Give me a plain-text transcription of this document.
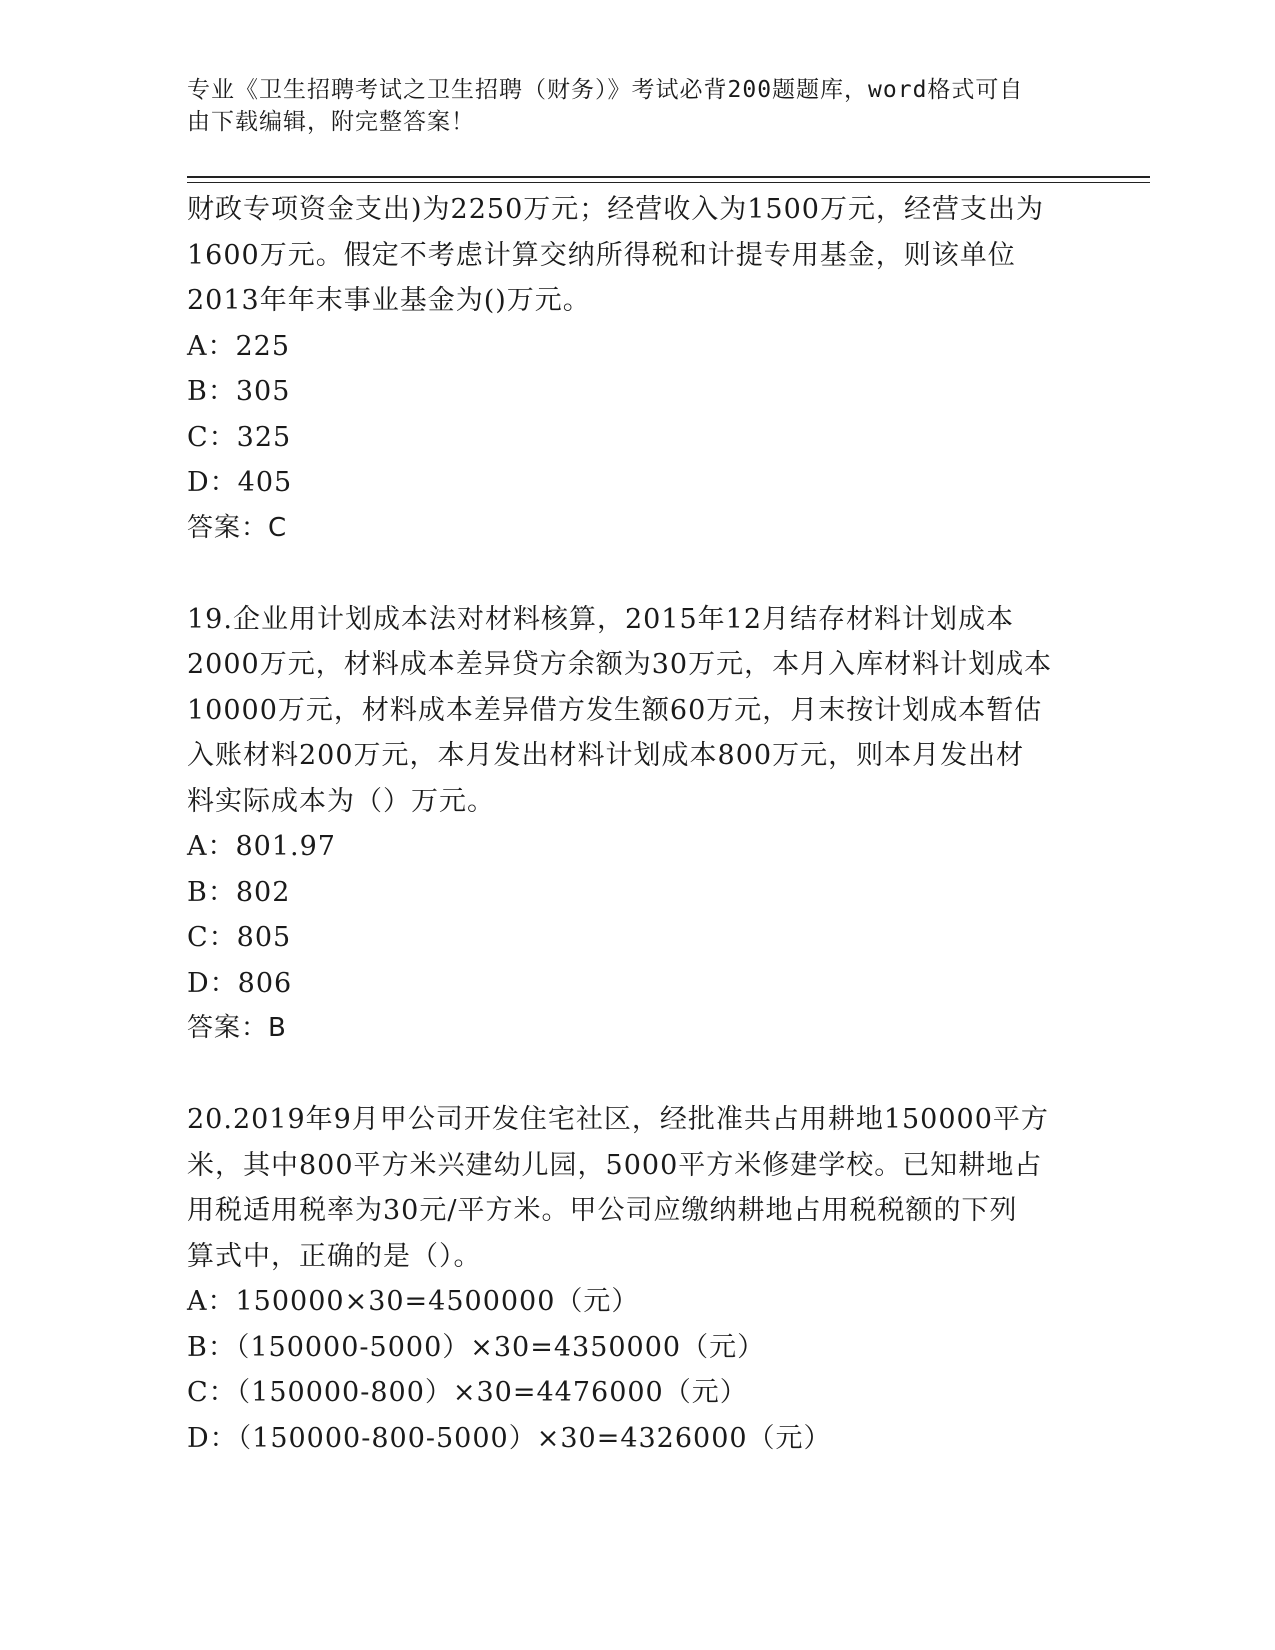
专业《卫生招聘考试之卫生招聘（财务）》考试必背200题题库，word格式可自
由下载编辑，附完整答案！
财政专项资金支出)为2250万元；经营收入为1500万元，经营支出为
1600万元。假定不考虑计算交纳所得税和计提专用基金，则该单位
2013年年末事业基金为()万元。
A：225
B：305
C：325
D：405
答案：C
19.企业用计划成本法对材料核算，2015年12月结存材料计划成本
2000万元，材料成本差异贷方余额为30万元，本月入库材料计划成本
10000万元，材料成本差异借方发生额60万元，月末按计划成本暂估
入账材料200万元，本月发出材料计划成本800万元，则本月发出材
料实际成本为（）万元。
A：801.97
B：802
C：805
D：806
答案：B
20.2019年9月甲公司开发住宅社区，经批准共占用耕地150000平方
米，其中800平方米兴建幼儿园，5000平方米修建学校。已知耕地占
用税适用税率为30元/平方米。甲公司应缴纳耕地占用税税额的下列
算式中，正确的是（）。
A：150000×30=4500000（元）
B：（150000-5000）×30=4350000（元）
C：（150000-800）×30=4476000（元）
D：（150000-800-5000）×30=4326000（元）
